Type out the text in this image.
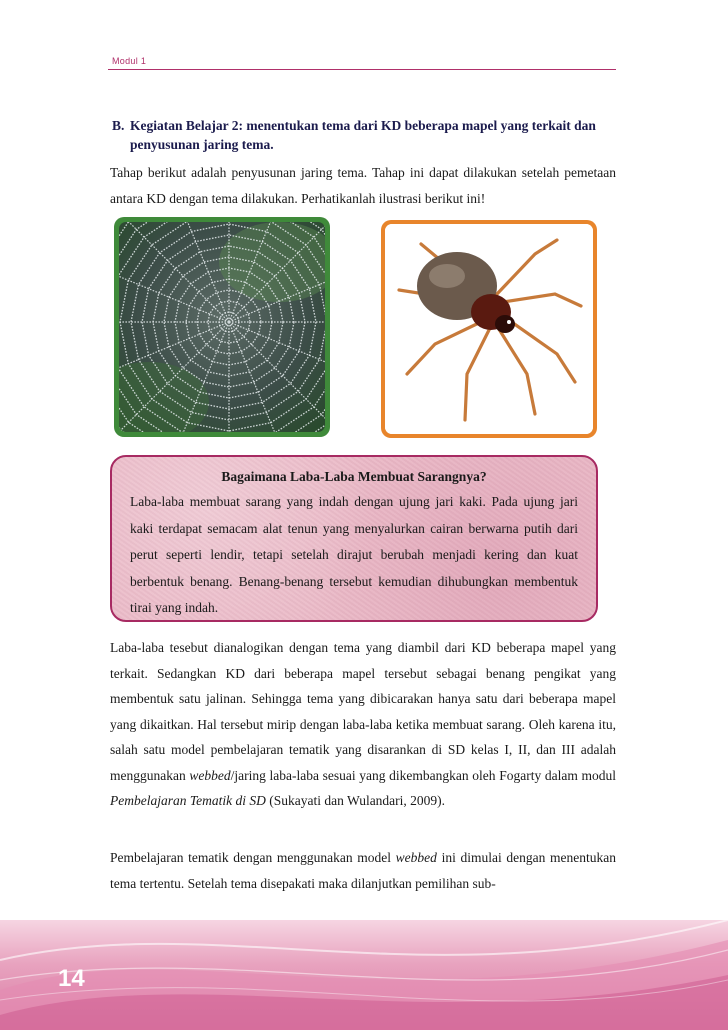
Modul 1
B. Kegiatan Belajar 2: menentukan tema dari KD beberapa mapel yang terkait dan penyusunan jaring tema.
Tahap berikut adalah penyusunan jaring tema. Tahap ini dapat dilakukan setelah pemetaan antara KD dengan tema dilakukan. Perhatikanlah ilustrasi berikut ini!
Bagaimana Laba-Laba Membuat Sarangnya?
Laba-laba membuat sarang yang indah dengan ujung jari kaki. Pada ujung jari kaki terdapat semacam alat tenun yang menyalurkan cairan berwarna putih dari perut seperti lendir, tetapi setelah dirajut berubah menjadi kering dan kuat berbentuk benang. Benang-benang tersebut kemudian dihubungkan membentuk tirai yang indah.
Laba-laba tesebut dianalogikan dengan tema yang diambil dari KD beberapa mapel yang terkait. Sedangkan KD dari beberapa mapel tersebut sebagai benang pengikat yang membentuk satu jalinan. Sehingga tema yang dibicarakan hanya satu dari beberapa mapel yang dikaitkan. Hal tersebut mirip dengan laba-laba ketika membuat sarang. Oleh karena itu, salah satu model pembelajaran tematik yang disarankan di SD kelas I, II, dan III adalah menggunakan webbed/jaring laba-laba sesuai yang dikembangkan oleh Fogarty dalam modul Pembelajaran Tematik di SD (Sukayati dan Wulandari, 2009).
Pembelajaran tematik dengan menggunakan model webbed ini dimulai dengan menentukan tema tertentu. Setelah tema disepakati maka dilanjutkan pemilihan sub-
14
